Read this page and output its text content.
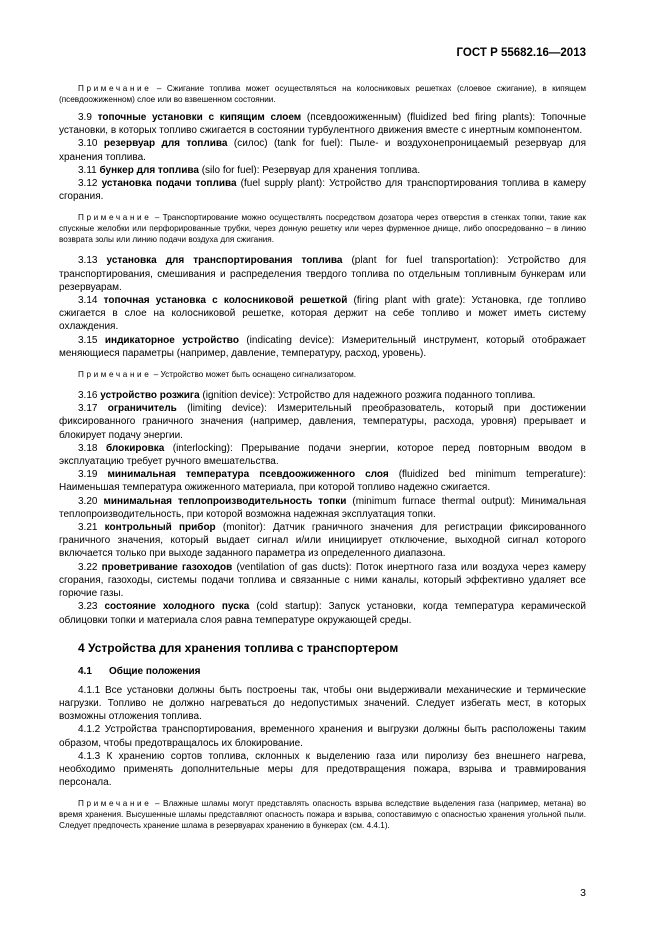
ГОСТ Р 55682.16—2013

Примечание – Сжигание топлива может осуществляться на колосниковых решетках (слоевое сжигание), в кипящем (псевдоожиженном) слое или во взвешенном состоянии.

3.9 топочные установки с кипящим слоем (псевдоожиженным) (fluidized bed firing plants): Топочные установки, в которых топливо сжигается в состоянии турбулентного движения вместе с инертным компонентом.

3.10 резервуар для топлива (силос) (tank for fuel): Пыле- и воздухонепроницаемый резервуар для хранения топлива.

3.11 бункер для топлива (silo for fuel): Резервуар для хранения топлива.

3.12 установка подачи топлива (fuel supply plant): Устройство для транспортирования топлива в камеру сгорания.

Примечание – Транспортирование можно осуществлять посредством дозатора через отверстия в стенках топки, такие как спускные желобки или перфорированные трубки, через донную решетку или через фурменное днище, либо опосредованно – в линию возврата золы или линию подачи воздуха для сжигания.

3.13 установка для транспортирования топлива (plant for fuel transportation): Устройство для транспортирования, смешивания и распределения твердого топлива по отдельным топливным бункерам или резервуарам.

3.14 топочная установка с колосниковой решеткой (firing plant with grate): Установка, где топливо сжигается в слое на колосниковой решетке, которая держит на себе топливо и может иметь систему охлаждения.

3.15 индикаторное устройство (indicating device): Измерительный инструмент, который отображает меняющиеся параметры (например, давление, температуру, расход, уровень).

Примечание – Устройство может быть оснащено сигнализатором.

3.16 устройство розжига (ignition device): Устройство для надежного розжига поданного топлива.

3.17 ограничитель (limiting device): Измерительный преобразователь, который при достижении фиксированного граничного значения (например, давления, температуры, расхода, уровня) прерывает и блокирует подачу энергии.

3.18 блокировка (interlocking): Прерывание подачи энергии, которое перед повторным вводом в эксплуатацию требует ручного вмешательства.

3.19 минимальная температура псевдоожиженного слоя (fluidized bed minimum temperature): Наименьшая температура ожиженного материала, при которой топливо надежно сжигается.

3.20 минимальная теплопроизводительность топки (minimum furnace thermal output): Минимальная теплопроизводительность, при которой возможна надежная эксплуатация топки.

3.21 контрольный прибор (monitor): Датчик граничного значения для регистрации фиксированного граничного значения, который выдает сигнал и/или инициирует отключение, выходной сигнал которого включается только при выходе заданного параметра из определенного диапазона.

3.22 проветривание газоходов (ventilation of gas ducts): Поток инертного газа или воздуха через камеру сгорания, газоходы, системы подачи топлива и связанные с ними каналы, который эффективно удаляет все горючие газы.

3.23 состояние холодного пуска (cold startup): Запуск установки, когда температура керамической облицовки топки и материала слоя равна температуре окружающей среды.

4 Устройства для хранения топлива с транспортером
4.1 Общие положения

4.1.1 Все установки должны быть построены так, чтобы они выдерживали механические и термические нагрузки. Топливо не должно нагреваться до недопустимых значений. Следует избегать мест, в которых возможны отложения топлива.

4.1.2 Устройства транспортирования, временного хранения и выгрузки должны быть расположены таким образом, чтобы предотвращалось их блокирование.

4.1.3 К хранению сортов топлива, склонных к выделению газа или пиролизу без внешнего нагрева, необходимо применять дополнительные меры для предотвращения пожара, взрыва и травмирования персонала.

Примечание – Влажные шламы могут представлять опасность взрыва вследствие выделения газа (например, метана) во время хранения. Высушенные шламы представляют опасность пожара и взрыва, сопоставимую с опасностью хранения угольной пыли. Следует предпочесть хранение шлама в резервуарах хранению в бункерах (см. 4.4.1).

3
